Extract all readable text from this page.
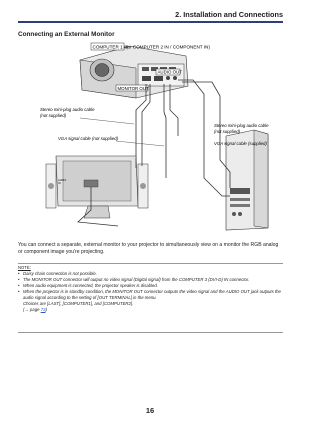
2. Installation and Connections
Connecting an External Monitor
COMPUTER 1 IN
(or COMPUTER 2 IN / COMPONENT IN)
AUDIO OUT
MONITOR OUT
AUDIO IN
Stereo mini-plug audio cable
(not supplied)
Stereo mini-plug audio cable
(not supplied)
VGA signal cable (not supplied)
VGA signal cable (supplied)

You can connect a separate, external monitor to your projector to simultaneously view on a monitor the RGB analog or component image you're projecting.

NOTE:
• Daisy chain connection is not possible.
• The MONITOR OUT connector will output no video signal (Digital signal) from the COMPUTER 3 (DVI-D) IN connector.
• When audio equipment is connected, the projector speaker is disabled.
• When the projector is in standby condition, the MONITOR OUT connector outputs the video signal and the AUDIO OUT jack outputs the audio signal according to the setting of [OUT TERMINAL] in the menu.
Choices are [LAST], [COMPUTER1], and [COMPUTER2].
(→ page 73)
16
